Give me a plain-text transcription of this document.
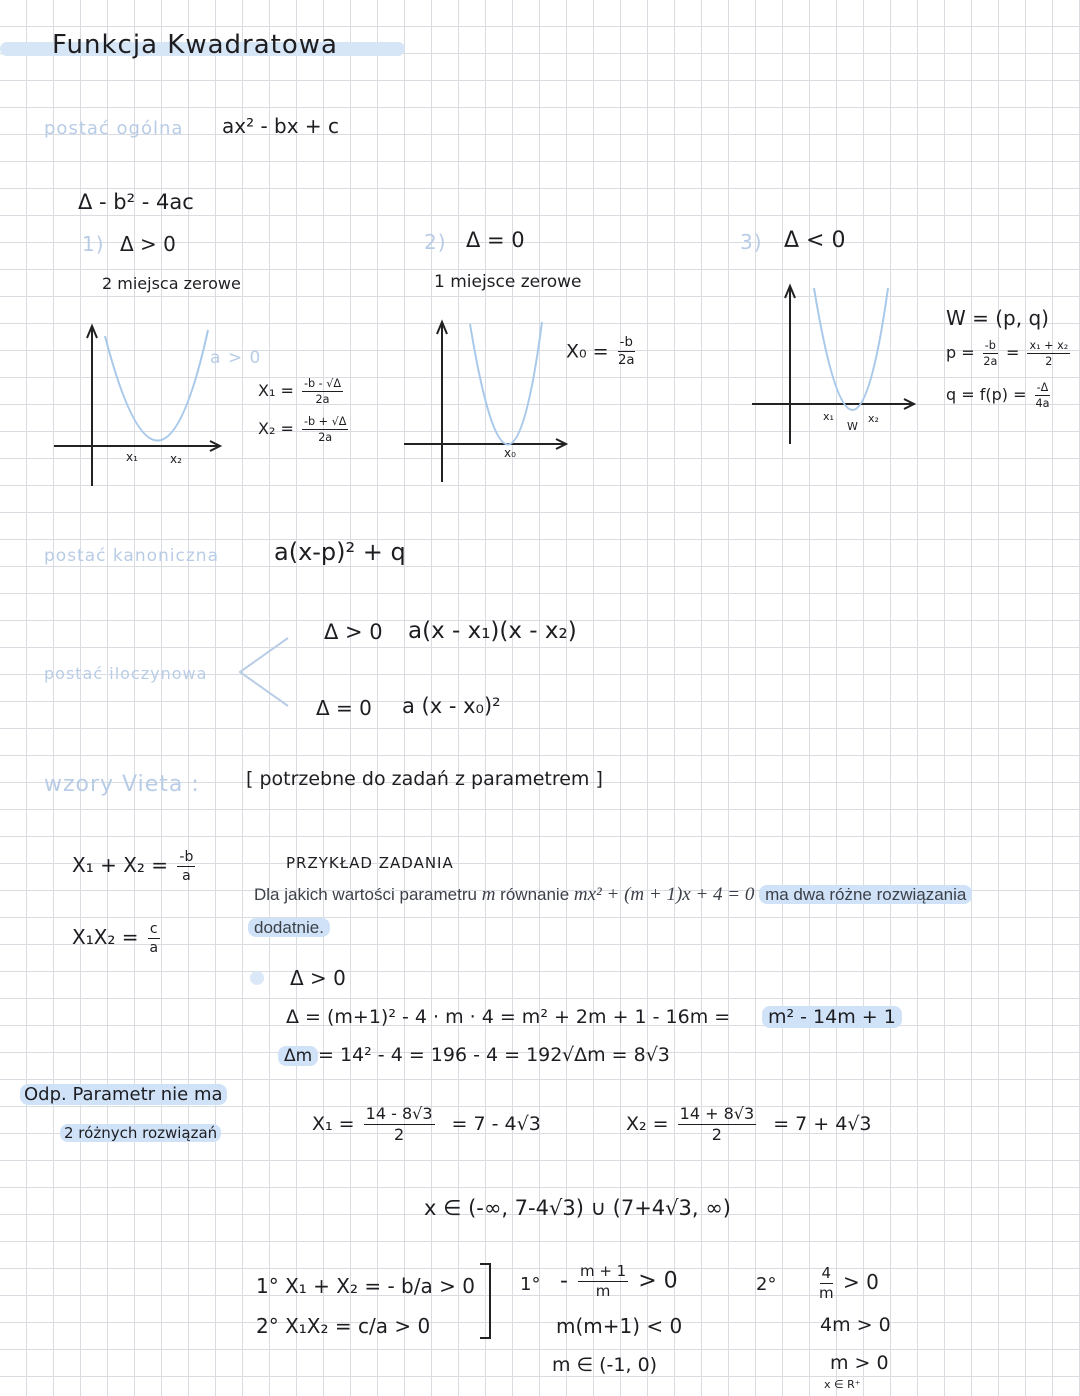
Funkcja Kwadratowa
postać ogólna ax² - bx + c
Δ - b² - 4ac
1) Δ > 0
2 miejsca zerowe
a > 0
x₁	x₂
$X_1 = \frac{-b - √\Delta}{2a}$
$X_2 = \frac{-b + √\Delta}{2a}$
2) Δ = 0
1 miejsce zerowe
x₀
$X_0 = \frac{-b}{2a}$
3) Δ < 0
x₁
W
x₂
W = (p, q)
$p = \frac{-b}{2a} = \frac{\text{x₁ + x₂}}{2}$
$q = f(p) = \frac{-\Delta}{4a}$
postać kanoniczna a(x-p)² + q
postać iloczynowa
Δ > 0 a(x - x₁)(x - x₂)
Δ = 0 a (x - x₀)²
wzory Vieta : [ potrzebne do zadań z parametrem ]
$X_1 + X_2 = \frac{-b}{a}$
$X_1X_2 = \frac{c}{a}$
PRZYKŁAD ZADANIA
Dla jakich wartości parametru m równanie mx² + (m + 1)x + 4 = 0 ma dwa różne rozwiązania
dodatnie.
Δ > 0
Δ = (m+1)² - 4 · m · 4 = m² + 2m + 1 - 16m =	m² - 14m + 1
Δm = 14² - 4 = 196 - 4 = 192 √Δm = 8√3
Odp. Parametr nie ma
2 różnych rozwiązań	$X_1 = \frac{14 - 8√3}{2} = 7 - 4√3$	$X_2 = \frac{14 + 8√3}{2} = 7 + 4√3$
x ∈ (-∞, 7-4√3) ∪ (7+4√3, ∞)
1° X₁ + X₂ = - b/a > 0
2° X₁X₂ = c/a > 0
$1^\circ - \frac{m + 1}{m} > 0$
m(m+1) < 0
m ∈ (-1, 0)
2°	$\frac{4}{m} > 0$
4m > 0
m > 0
x ∈ R⁺
